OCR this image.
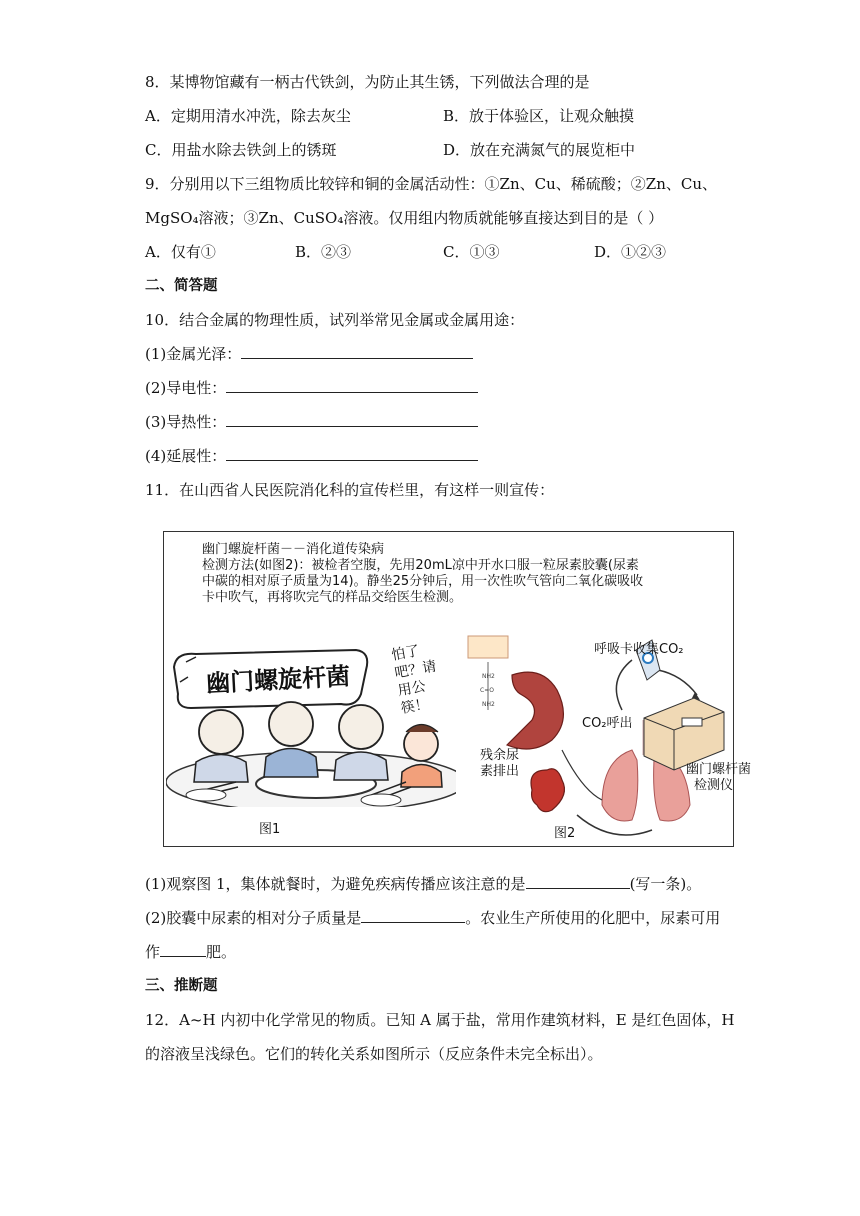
8．某博物馆藏有一柄古代铁剑，为防止其生锈，下列做法合理的是
A．定期用清水冲洗，除去灰尘	B．放于体验区，让观众触摸
C．用盐水除去铁剑上的锈斑	D．放在充满氮气的展览柜中
9．分别用以下三组物质比较锌和铜的金属活动性：①Zn、Cu、稀硫酸；②Zn、Cu、
MgSO₄溶液；③Zn、CuSO₄溶液。仅用组内物质就能够直接达到目的是（ ）
A．仅有①	B．②③	C．①③	D．①②③
二、简答题
10．结合金属的物理性质，试列举常见金属或金属用途：
(1)金属光泽：
(2)导电性：
(3)导热性：
(4)延展性：
11．在山西省人民医院消化科的宣传栏里，有这样一则宣传：
幽门螺旋杆菌－－消化道传染病
检测方法(如图2)：被检者空腹，先用20mL凉中开水口服一粒尿素胶囊(尿素
中碳的相对原子质量为14)。静坐25分钟后，用一次性吹气管向二氧化碳吸收
卡中吹气，再将吹完气的样品交给医生检测。
幽门螺旋杆菌
怕了吧？请用公筷！
图1
NH2
C=O
NH2
呼吸卡收集CO₂
CO₂呼出
残余尿
素排出	幽门螺杆菌
检测仪
图2
(1)观察图 1，集体就餐时，为避免疾病传播应该注意的是	(写一条)。
(2)胶囊中尿素的相对分子质量是	。农业生产所使用的化肥中，尿素可用
作	肥。
三、推断题
12．A~H 内初中化学常见的物质。已知 A 属于盐，常用作建筑材料，E 是红色固体，H
的溶液呈浅绿色。它们的转化关系如图所示（反应条件未完全标出）。
